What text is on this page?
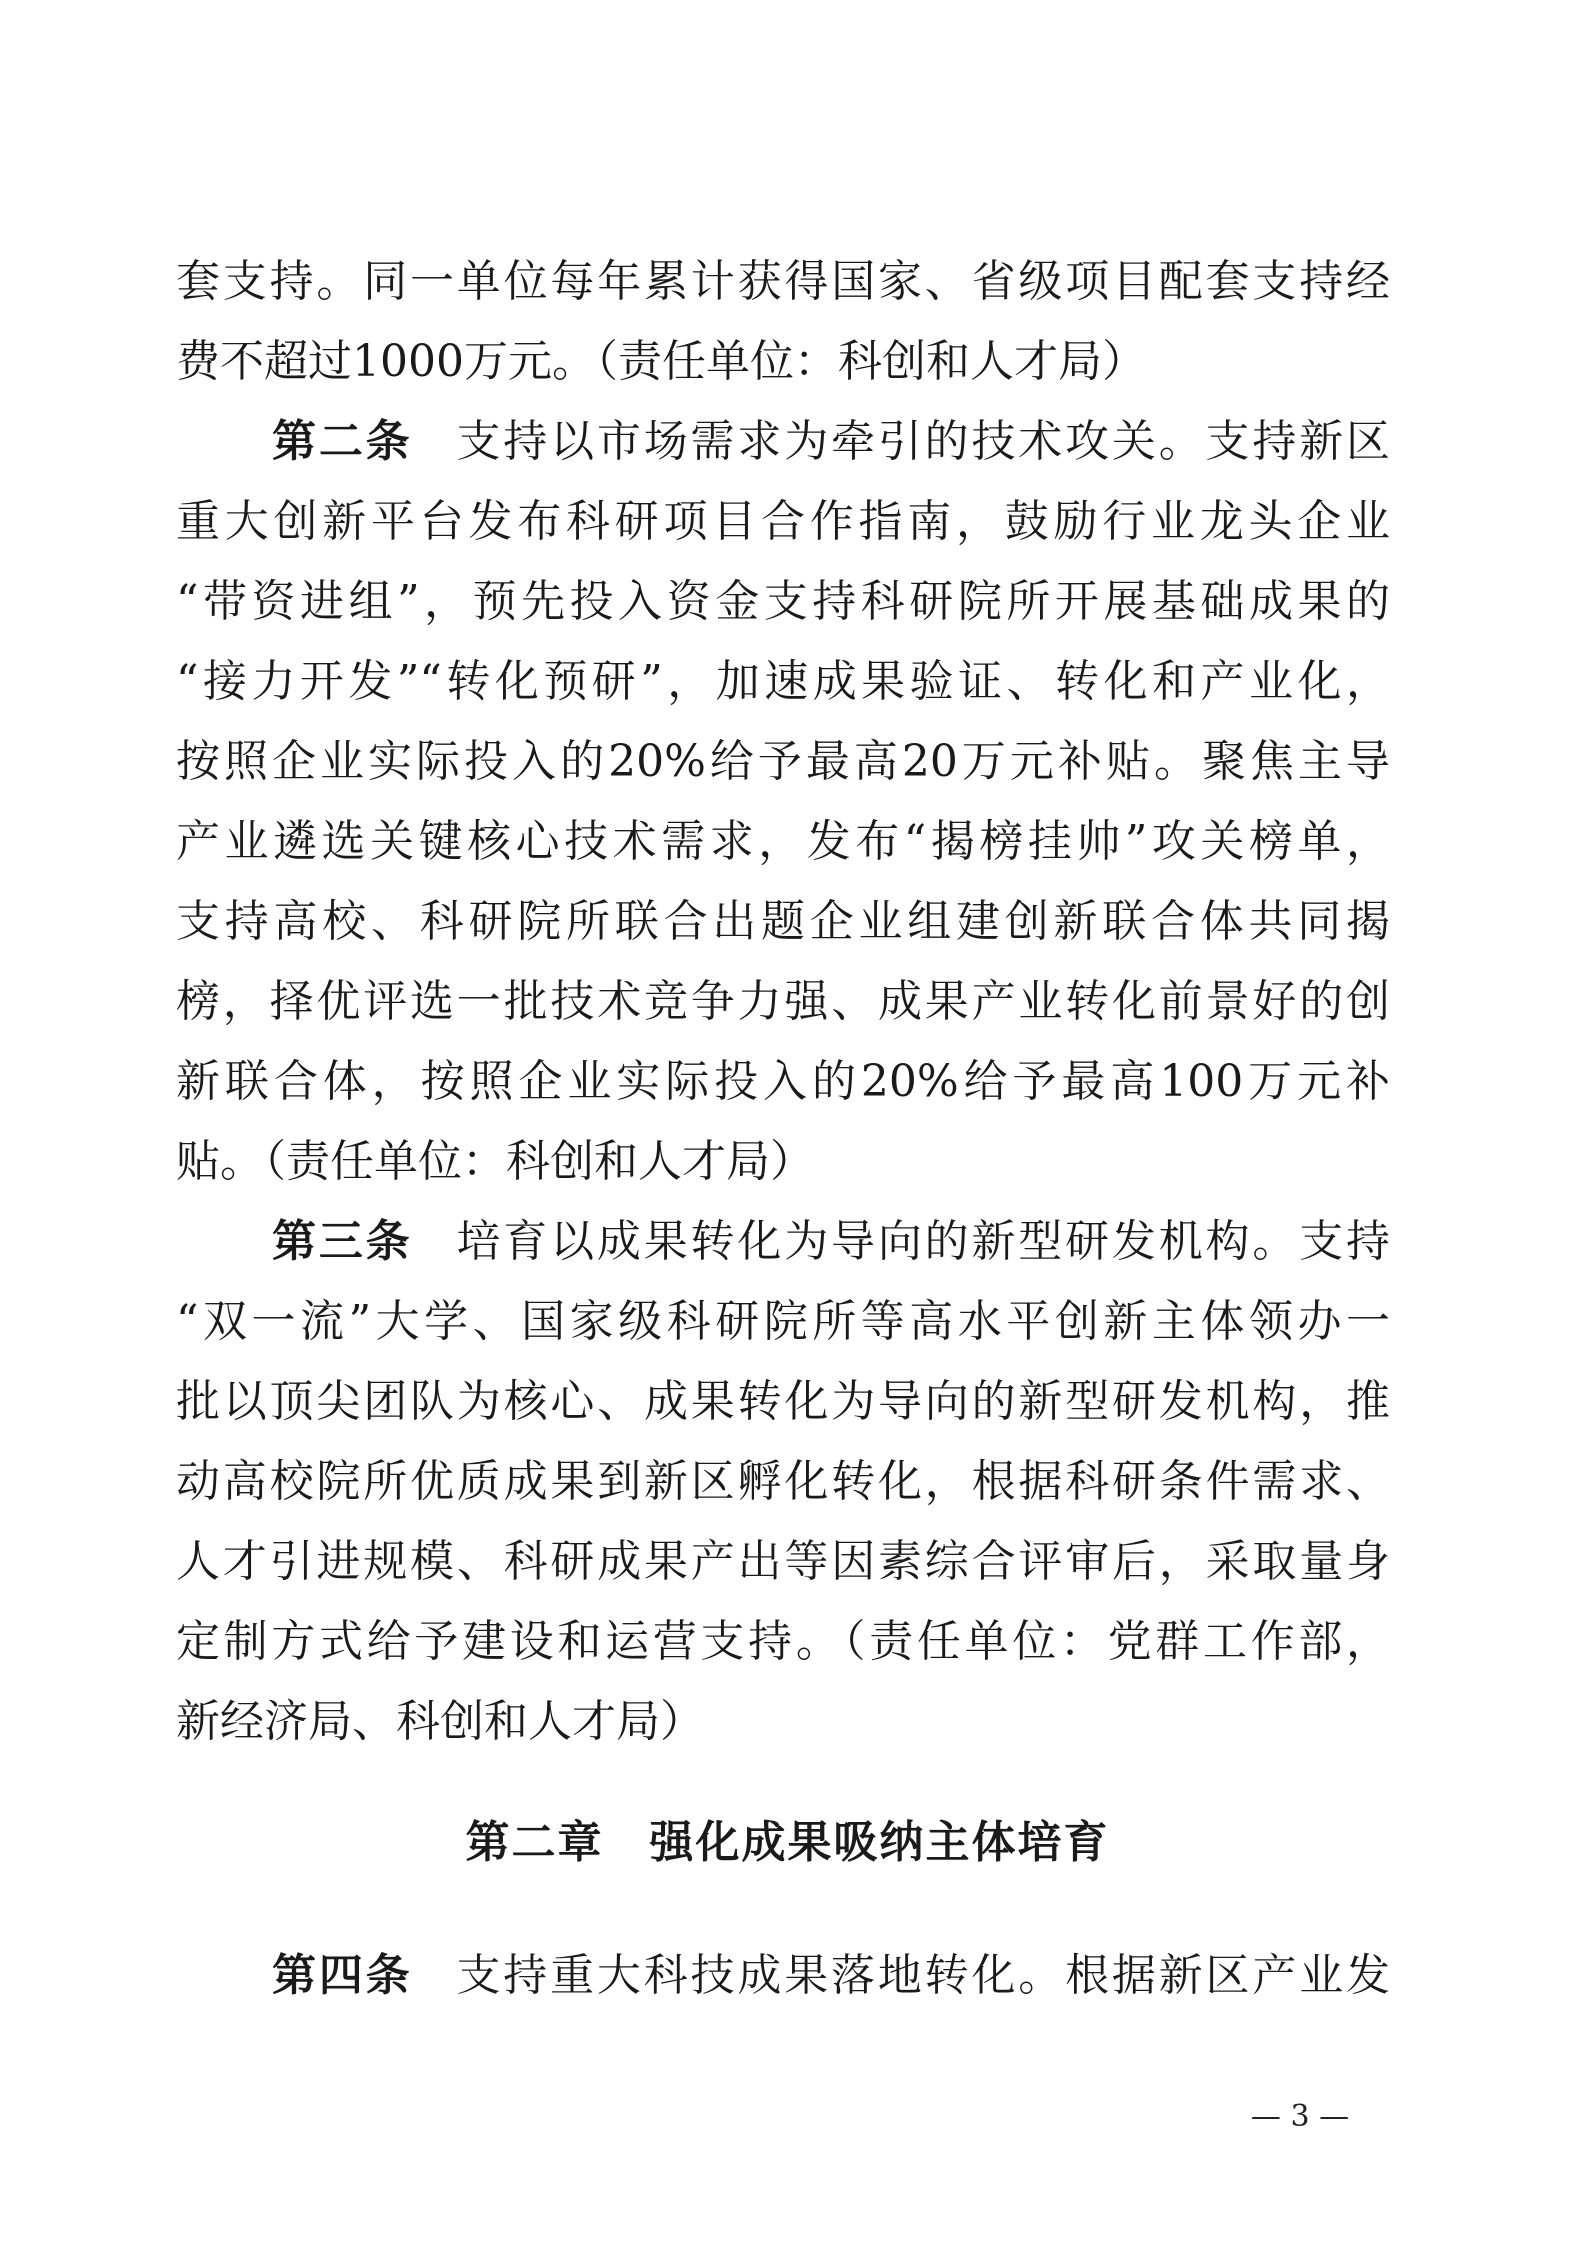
套支持。同一单位每年累计获得国家、省级项目配套支持经
费不超过1000万元。（责任单位：科创和人才局）
第二条 支持以市场需求为牵引的技术攻关。支持新区
重大创新平台发布科研项目合作指南，鼓励行业龙头企业
“带资进组”，预先投入资金支持科研院所开展基础成果的
“接力开发”“转化预研”，加速成果验证、转化和产业化，
按照企业实际投入的20%给予最高20万元补贴。聚焦主导
产业遴选关键核心技术需求，发布“揭榜挂帅”攻关榜单，
支持高校、科研院所联合出题企业组建创新联合体共同揭
榜，择优评选一批技术竞争力强、成果产业转化前景好的创
新联合体，按照企业实际投入的20%给予最高100万元补
贴。（责任单位：科创和人才局）
第三条 培育以成果转化为导向的新型研发机构。支持
“双一流”大学、国家级科研院所等高水平创新主体领办一
批以顶尖团队为核心、成果转化为导向的新型研发机构，推
动高校院所优质成果到新区孵化转化，根据科研条件需求、
人才引进规模、科研成果产出等因素综合评审后，采取量身
定制方式给予建设和运营支持。（责任单位：党群工作部，
新经济局、科创和人才局）
第二章　强化成果吸纳主体培育
第四条 支持重大科技成果落地转化。根据新区产业发
— 3 —
